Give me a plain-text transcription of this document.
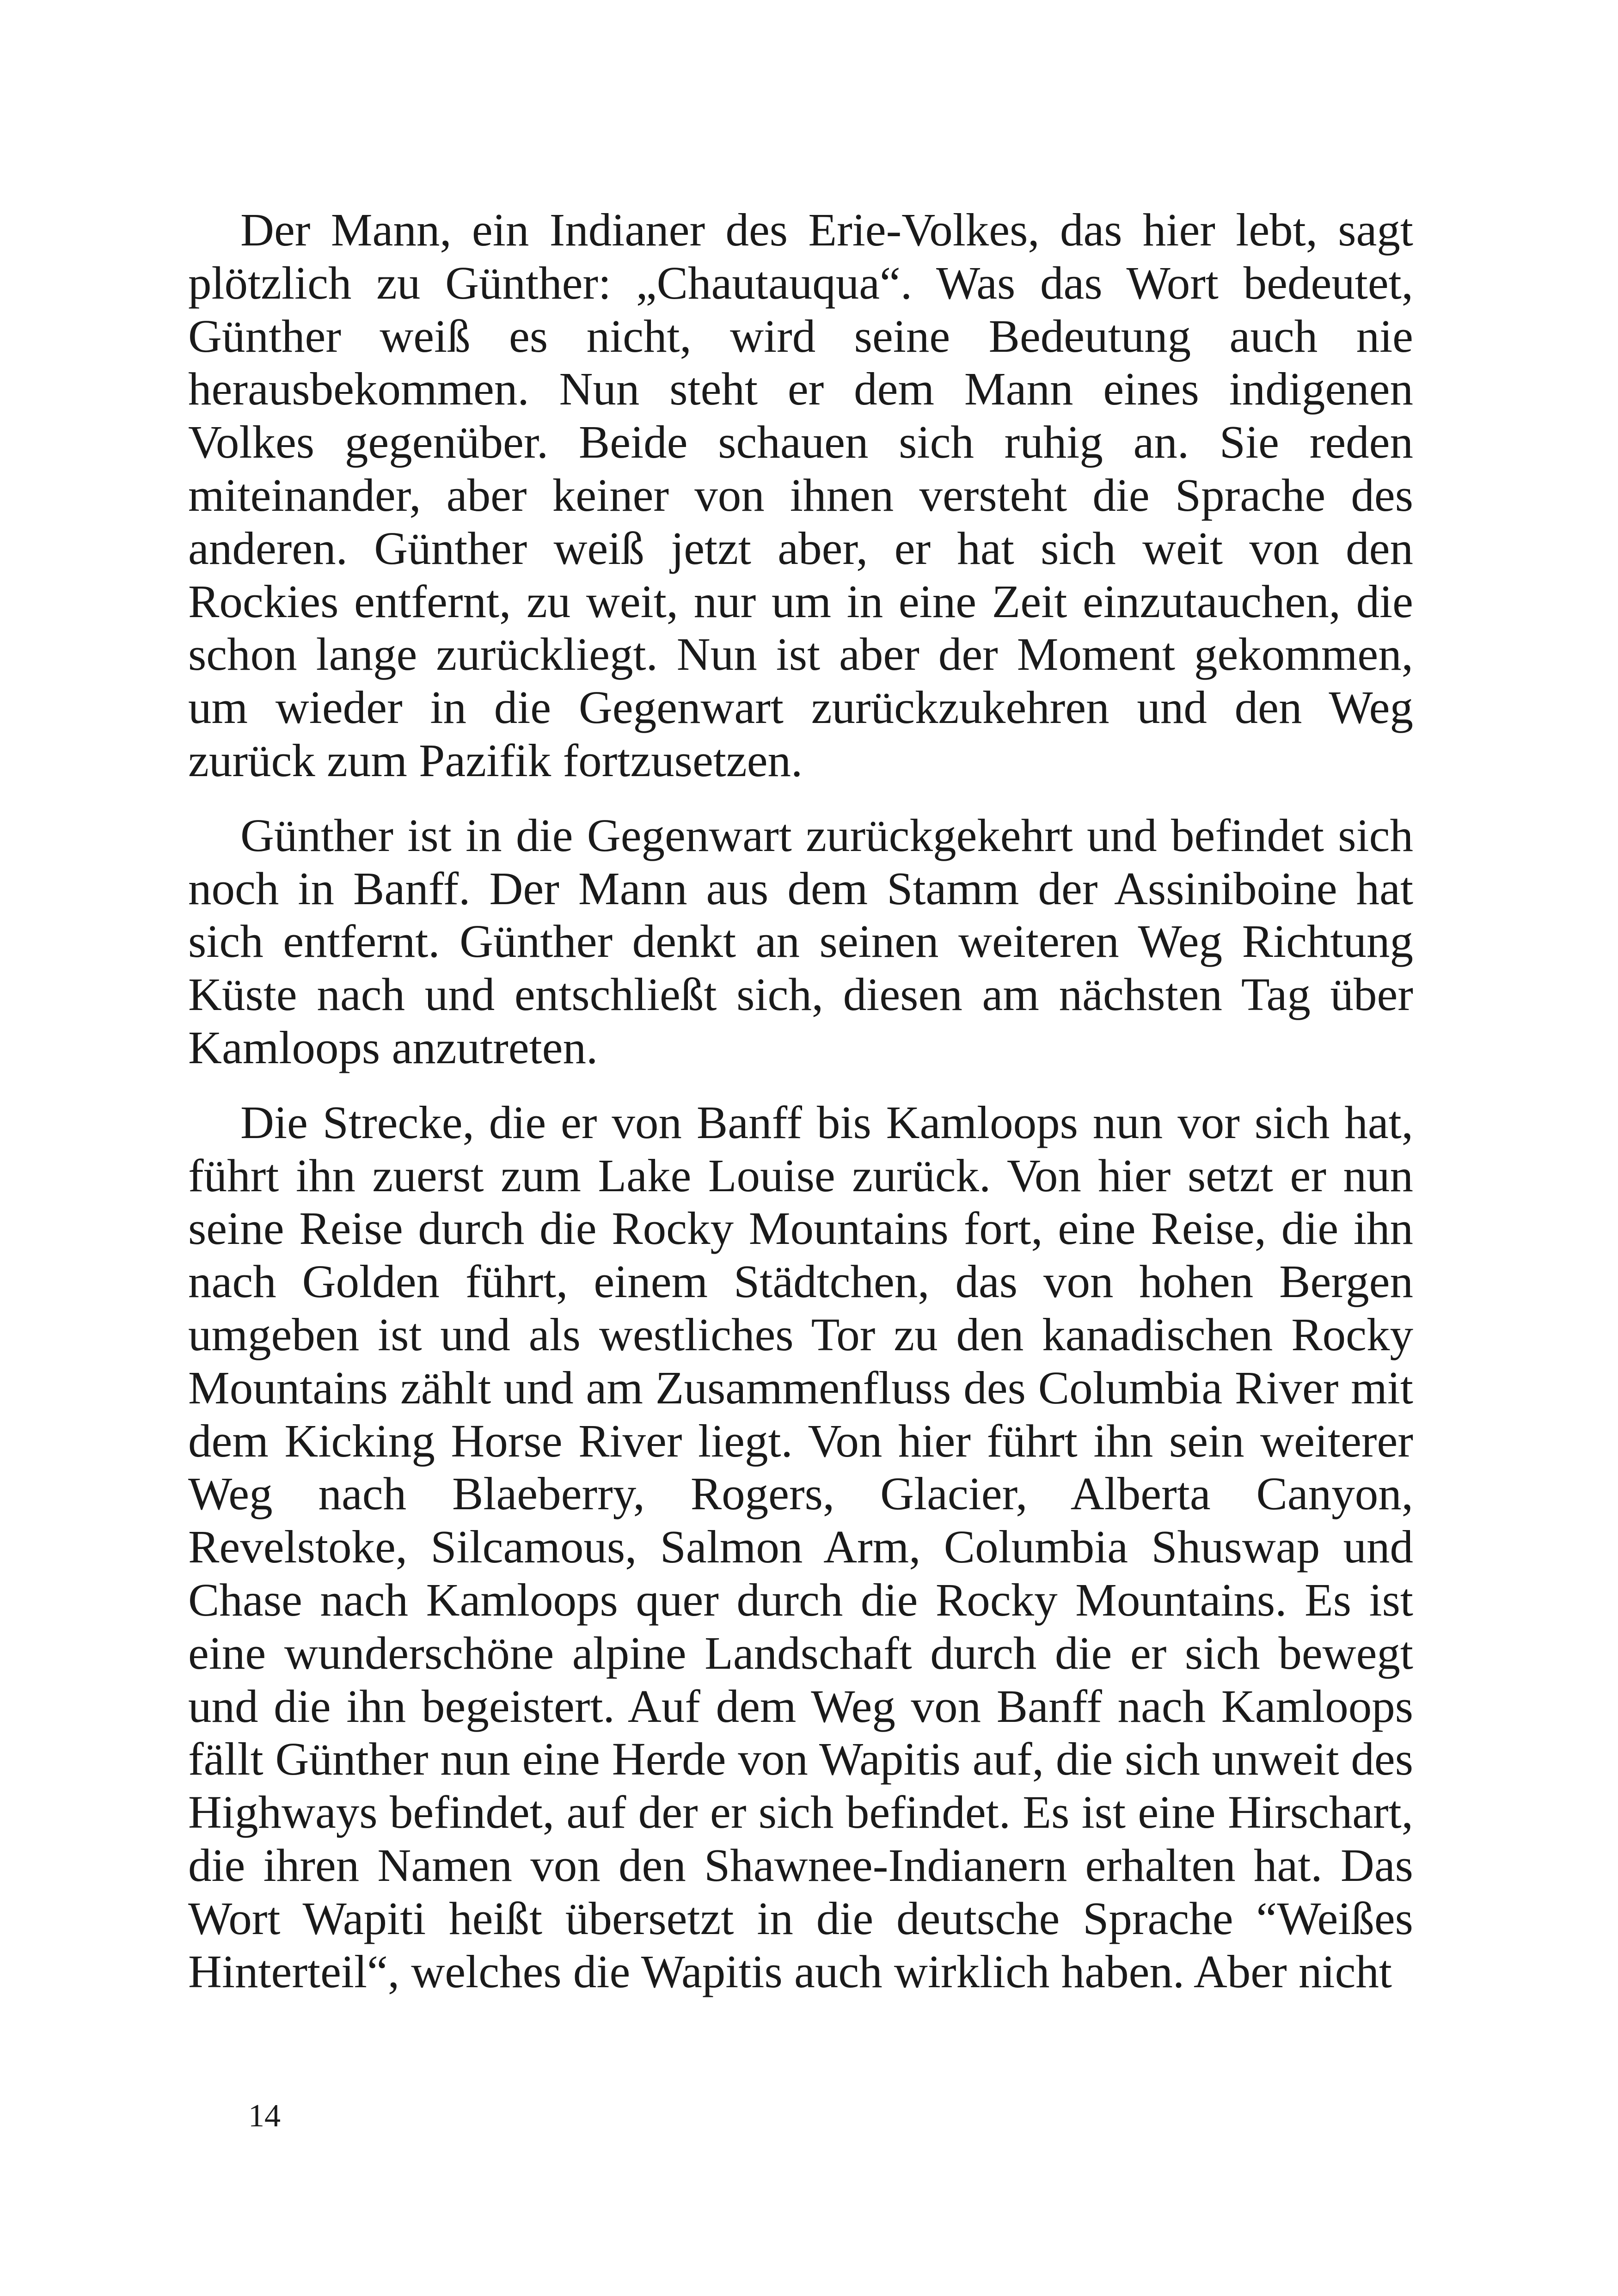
Der Mann, ein Indianer des Erie-Volkes, das hier lebt, sagt plötzlich zu Günther: „Chautauqua“. Was das Wort bedeutet, Günther weiß es nicht, wird seine Bedeutung auch nie herausbekommen. Nun steht er dem Mann eines indigenen Volkes gegenüber. Beide schauen sich ruhig an. Sie reden miteinander, aber keiner von ihnen versteht die Sprache des anderen. Günther weiß jetzt aber, er hat sich weit von den Rockies entfernt, zu weit, nur um in eine Zeit einzutauchen, die schon lange zurückliegt. Nun ist aber der Moment gekommen, um wieder in die Gegenwart zurückzukehren und den Weg zurück zum Pazifik fortzusetzen.

Günther ist in die Gegenwart zurückgekehrt und befindet sich noch in Banff. Der Mann aus dem Stamm der Assiniboine hat sich entfernt. Günther denkt an seinen weiteren Weg Richtung Küste nach und entschließt sich, diesen am nächsten Tag über Kamloops anzutreten.

Die Strecke, die er von Banff bis Kamloops nun vor sich hat, führt ihn zuerst zum Lake Louise zurück. Von hier setzt er nun seine Reise durch die Rocky Mountains fort, eine Reise, die ihn nach Golden führt, einem Städtchen, das von hohen Bergen umgeben ist und als westliches Tor zu den kanadischen Rocky Mountains zählt und am Zusammenfluss des Columbia River mit dem Kicking Horse River liegt. Von hier führt ihn sein weiterer Weg nach Blaeberry, Rogers, Glacier, Alberta Canyon, Revelstoke, Silcamous, Salmon Arm, Columbia Shuswap und Chase nach Kamloops quer durch die Rocky Mountains. Es ist eine wunderschöne alpine Landschaft durch die er sich bewegt und die ihn begeistert. Auf dem Weg von Banff nach Kamloops fällt Günther nun eine Herde von Wapitis auf, die sich unweit des Highways befindet, auf der er sich befindet. Es ist eine Hirschart, die ihren Namen von den Shawnee-Indianern erhalten hat. Das Wort Wapiti heißt übersetzt in die deutsche Sprache “Weißes Hinterteil“, welches die Wapitis auch wirklich haben. Aber nicht

14
